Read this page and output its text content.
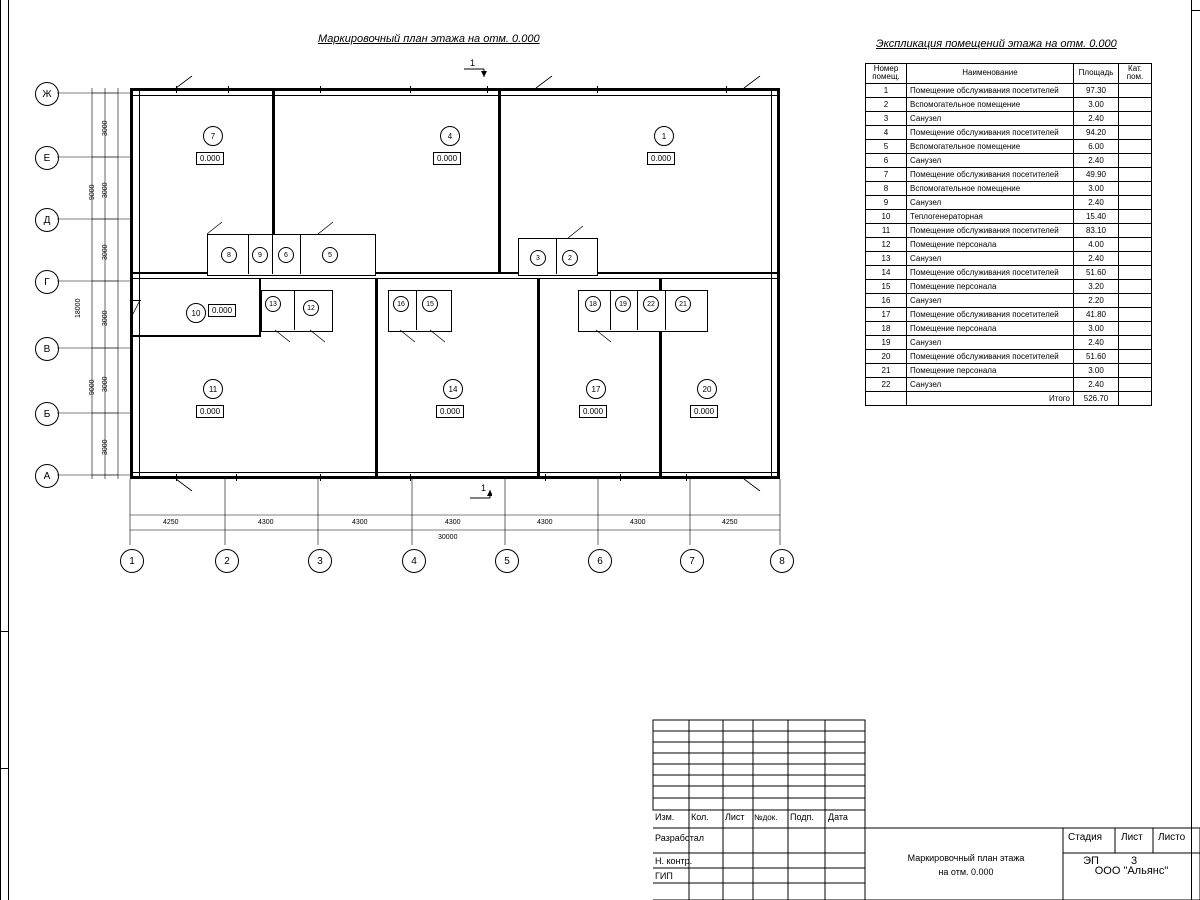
Маркировочный план этажа на отм. 0.000	Экспликация помещений этажа на отм. 0.000
1
1
7	4	1
8	9	6	5	3	2
10
13
12
16	15	18	19	22	21
11	14	17	20
0.000	0.000	0.000
0.000
0.000	0.000	0.000	0.000
Ж
Е
Д
Г
В
Б
А
1	2	3	4	5	6	7	8
4250	4300	4300	4300	4300	4300	4250
30000
3000
3000
3000
3000
3000
3000
9000
9000
18000
Номер помещ.	Наименование	Площадь	Кат. пом.
1	Помещение обслуживания посетителей	97.30	
2	Вспомогательное помещение	3.00	
3	Санузел	2.40	
4	Помещение обслуживания посетителей	94.20	
5	Вспомогательное помещение	6.00	
6	Санузел	2.40	
7	Помещение обслуживания посетителей	49.90	
8	Вспомогательное помещение	3.00	
9	Санузел	2.40	
10	Теплогенераторная	15.40	
11	Помещение обслуживания посетителей	83.10	
12	Помещение персонала	4.00	
13	Санузел	2.40	
14	Помещение обслуживания посетителей	51.60	
15	Помещение персонала	3.20	
16	Санузел	2.20	
17	Помещение обслуживания посетителей	41.80	
18	Помещение персонала	3.00	
19	Санузел	2.40	
20	Помещение обслуживания посетителей	51.60	
21	Помещение персонала	3.00	
22	Санузел	2.40	
	Итого	526.70	
Изм. Кол. Лист №док. Подп. Дата
Разработал
Н. контр.
ГИП
Маркировочный план этажа
на отм. 0.000
Стадия Лист Листо
ЭП	3
ООО "Альянс"
